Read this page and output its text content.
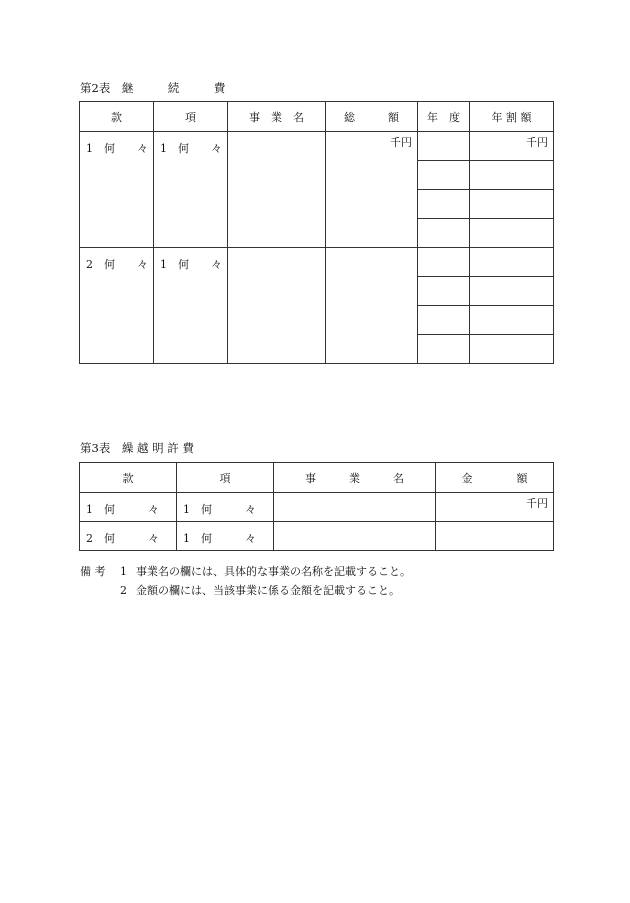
第2表　継　　　続　　　費
款	項	事　業　名	総　　　額	年　度	年 割 額
1　何　　々	1　何　　々		千円		千円

2　何　　々	1　何　　々				

第3表　繰 越 明 許 費
款	項	事　　　業　　　名	金　　　　額
1　何　　　々	1　何　　　々		千円
2　何　　　々	1　何　　　々		
備 考	1 事業名の欄には、具体的な事業の名称を記載すること。
2 金額の欄には、当該事業に係る金額を記載すること。
